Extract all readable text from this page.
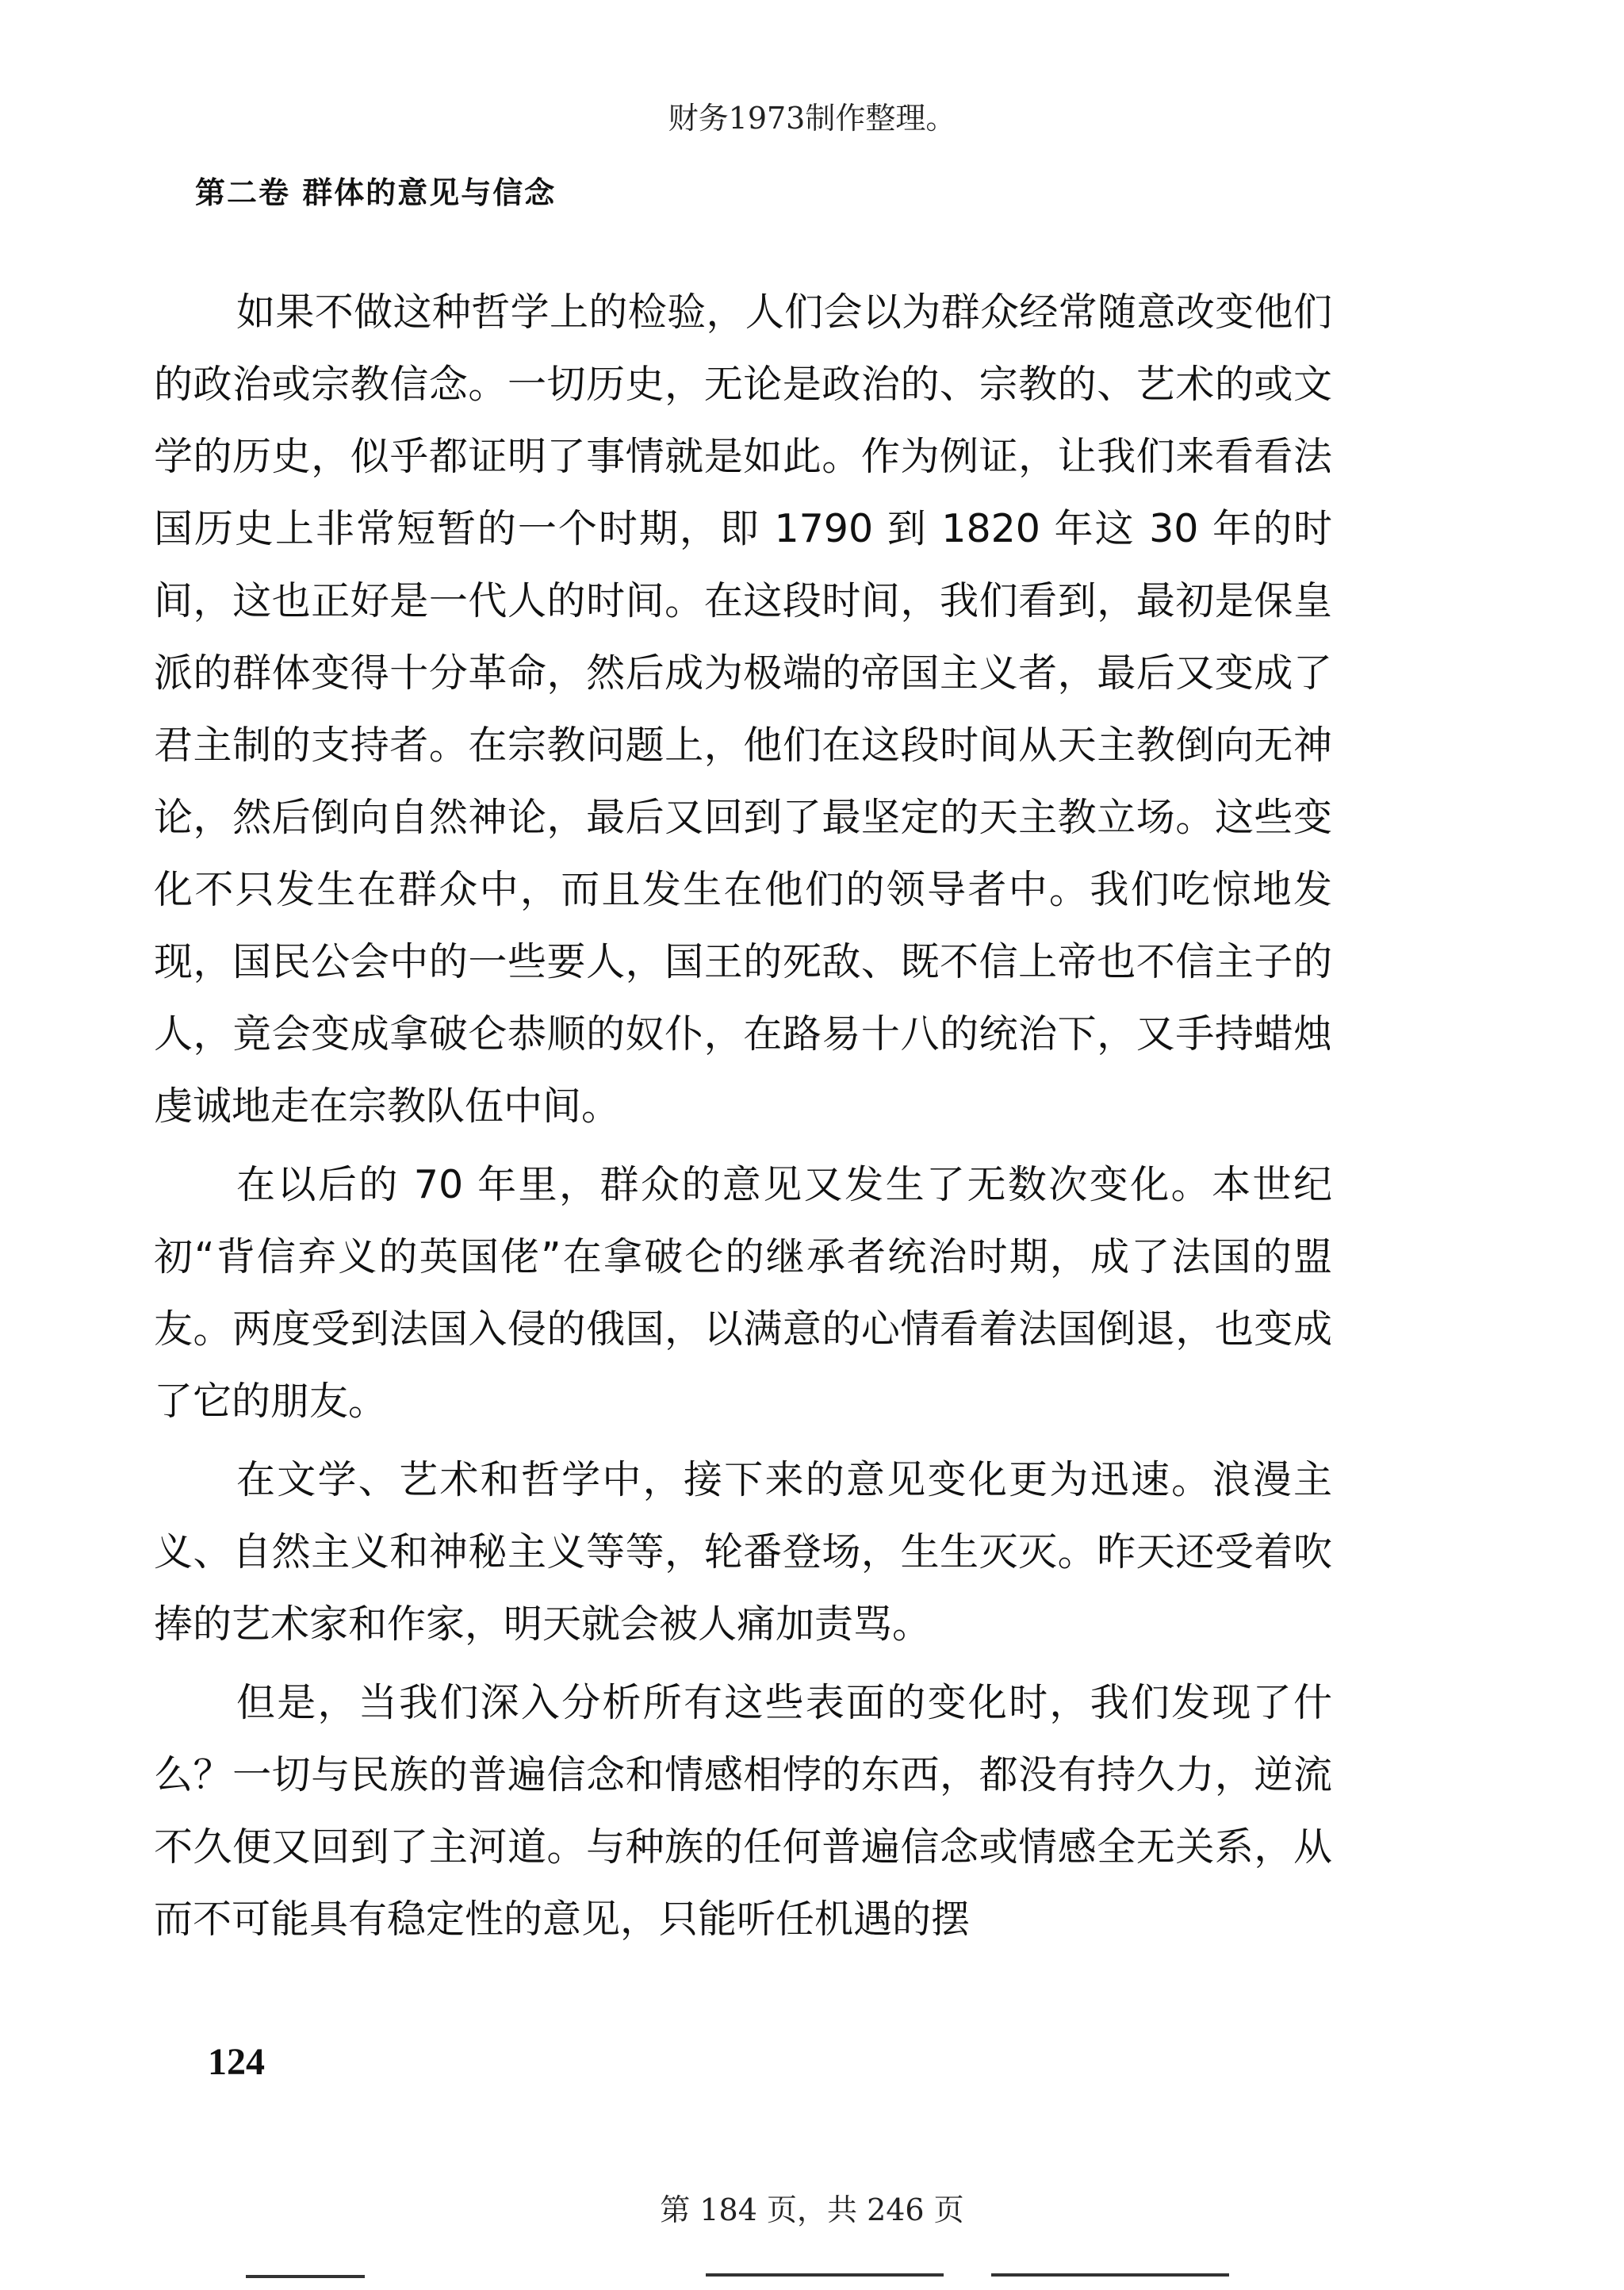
财务1973制作整理。
第二卷 群体的意见与信念

如果不做这种哲学上的检验，人们会以为群众经常随意改变他们的政治或宗教信念。一切历史，无论是政治的、宗教的、艺术的或文学的历史，似乎都证明了事情就是如此。作为例证，让我们来看看法国历史上非常短暂的一个时期，即 1790 到 1820 年这 30 年的时间，这也正好是一代人的时间。在这段时间，我们看到，最初是保皇派的群体变得十分革命，然后成为极端的帝国主义者，最后又变成了君主制的支持者。在宗教问题上，他们在这段时间从天主教倒向无神论，然后倒向自然神论，最后又回到了最坚定的天主教立场。这些变化不只发生在群众中，而且发生在他们的领导者中。我们吃惊地发现，国民公会中的一些要人，国王的死敌、既不信上帝也不信主子的人，竟会变成拿破仑恭顺的奴仆，在路易十八的统治下，又手持蜡烛虔诚地走在宗教队伍中间。

在以后的 70 年里，群众的意见又发生了无数次变化。本世纪初“背信弃义的英国佬”在拿破仑的继承者统治时期，成了法国的盟友。两度受到法国入侵的俄国，以满意的心情看着法国倒退，也变成了它的朋友。

在文学、艺术和哲学中，接下来的意见变化更为迅速。浪漫主义、自然主义和神秘主义等等，轮番登场，生生灭灭。昨天还受着吹捧的艺术家和作家，明天就会被人痛加责骂。

但是，当我们深入分析所有这些表面的变化时，我们发现了什么？一切与民族的普遍信念和情感相悖的东西，都没有持久力，逆流不久便又回到了主河道。与种族的任何普遍信念或情感全无关系，从而不可能具有稳定性的意见，只能听任机遇的摆

124
第 184 页，共 246 页
